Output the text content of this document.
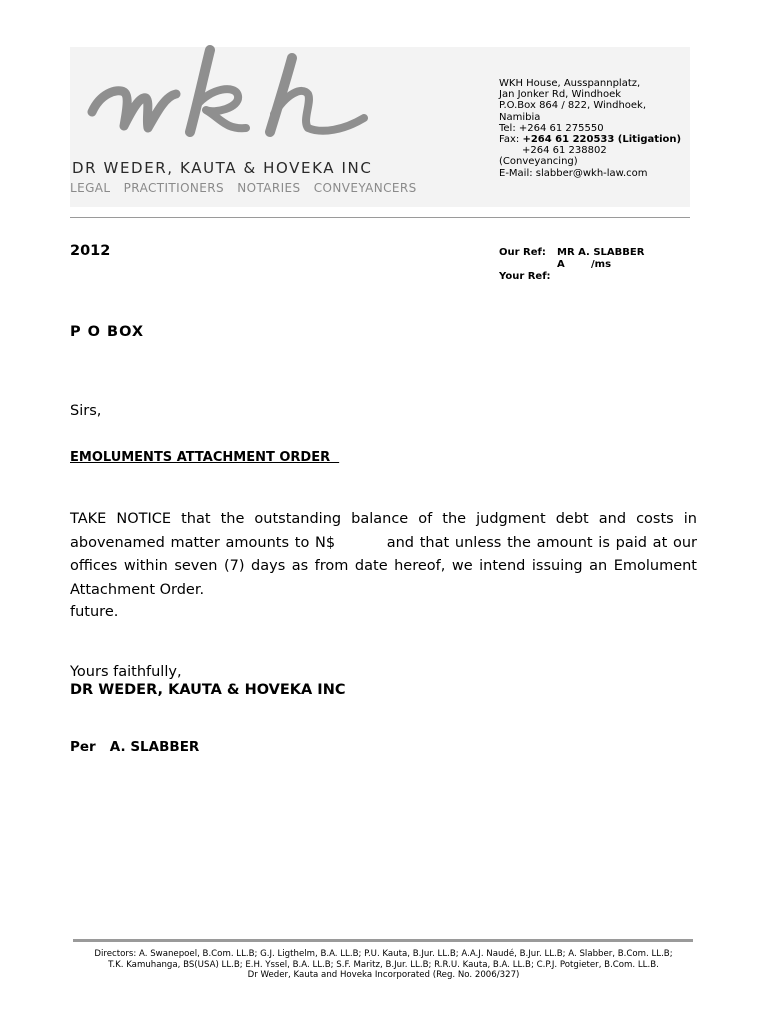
DR WEDER, KAUTA & HOVEKA INC
LEGAL PRACTITIONERS NOTARIES CONVEYANCERS
WKH House, Ausspannplatz,
Jan Jonker Rd, Windhoek
P.O.Box 864 / 822, Windhoek,
Namibia
Tel: +264 61 275550
Fax: +264 61 220533 (Litigation)
+264 61 238802
(Conveyancing)
E-Mail: slabber@wkh-law.com
2012	Our Ref: MR A. SLABBER
A	/ms
Your Ref:
P O BOX
Sirs,
EMOLUMENTS ATTACHMENT ORDER
TAKE NOTICE that the outstanding balance of the judgment debt and costs in abovenamed matter amounts to N$	and that unless the amount is paid at our offices within seven (7) days as from date hereof, we intend issuing an Emolument Attachment Order.
future.
Yours faithfully,
DR WEDER, KAUTA & HOVEKA INC
Per   A. SLABBER
Directors: A. Swanepoel, B.Com. LL.B; G.J. Ligthelm, B.A. LL.B; P.U. Kauta, B.Jur. LL.B; A.A.J. Naudé, B.Jur. LL.B; A. Slabber, B.Com. LL.B;
T.K. Kamuhanga, BS(USA) LL.B; E.H. Yssel, B.A. LL.B; S.F. Maritz, B.Jur. LL.B; R.R.U. Kauta, B.A. LL.B; C.P.J. Potgieter, B.Com. LL.B.
Dr Weder, Kauta and Hoveka Incorporated (Reg. No. 2006/327)
